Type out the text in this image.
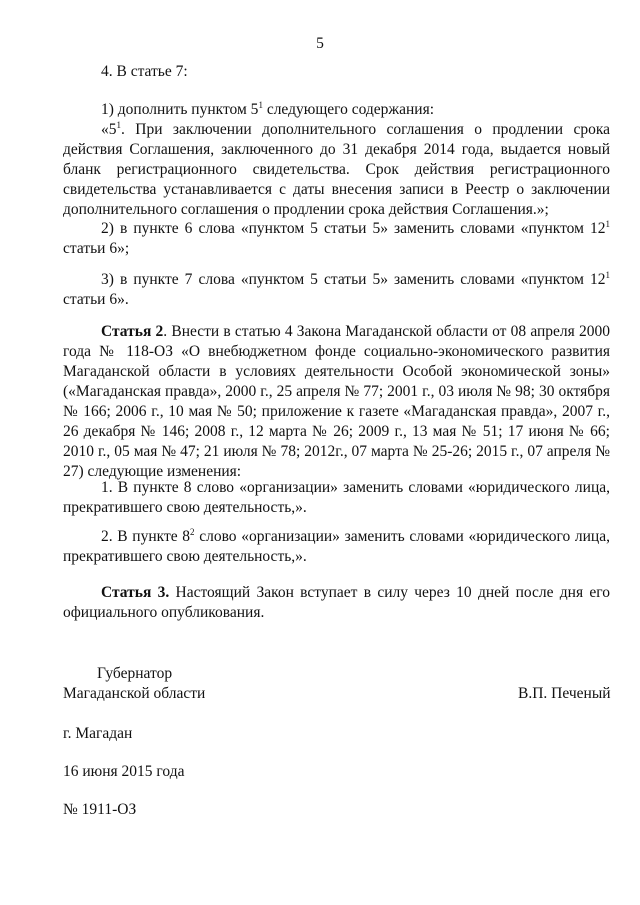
5

4. В статье 7:

1) дополнить пунктом $5^1$ следующего содержания:

«$5^1$. При заключении дополнительного соглашения о продлении срока действия Соглашения, заключенного до 31 декабря 2014 года, выдается новый бланк регистрационного свидетельства. Срок действия регистрационного свидетельства устанавливается с даты внесения записи в Реестр о заключении дополнительного соглашения о продлении срока действия Соглашения.»;

2) в пункте 6 слова «пунктом 5 статьи 5» заменить словами «пунктом $12^1$ статьи 6»;

3) в пункте 7 слова «пунктом 5 статьи 5» заменить словами «пунктом $12^1$ статьи 6».

Статья 2. Внести в статью 4 Закона Магаданской области от 08 апреля 2000 года № 118-ОЗ «О внебюджетном фонде социально-экономического развития Магаданской области в условиях деятельности Особой экономической зоны» («Магаданская правда», 2000 г., 25 апреля № 77; 2001 г., 03 июля № 98; 30 октября № 166; 2006 г., 10 мая № 50; приложение к газете «Магаданская правда», 2007 г., 26 декабря № 146; 2008 г., 12 марта № 26; 2009 г., 13 мая № 51; 17 июня № 66; 2010 г., 05 мая № 47; 21 июля № 78; 2012г., 07 марта № 25-26; 2015 г., 07 апреля № 27) следующие изменения:

1. В пункте 8 слово «организации» заменить словами «юридического лица, прекратившего свою деятельность,».

2. В пункте $8^2$ слово «организации» заменить словами «юридического лица, прекратившего свою деятельность,».

Статья 3. Настоящий Закон вступает в силу через 10 дней после дня его официального опубликования.

Губернатор
Магаданской области	В.П. Печеный
г. Магадан
16 июня 2015 года
№ 1911-ОЗ
